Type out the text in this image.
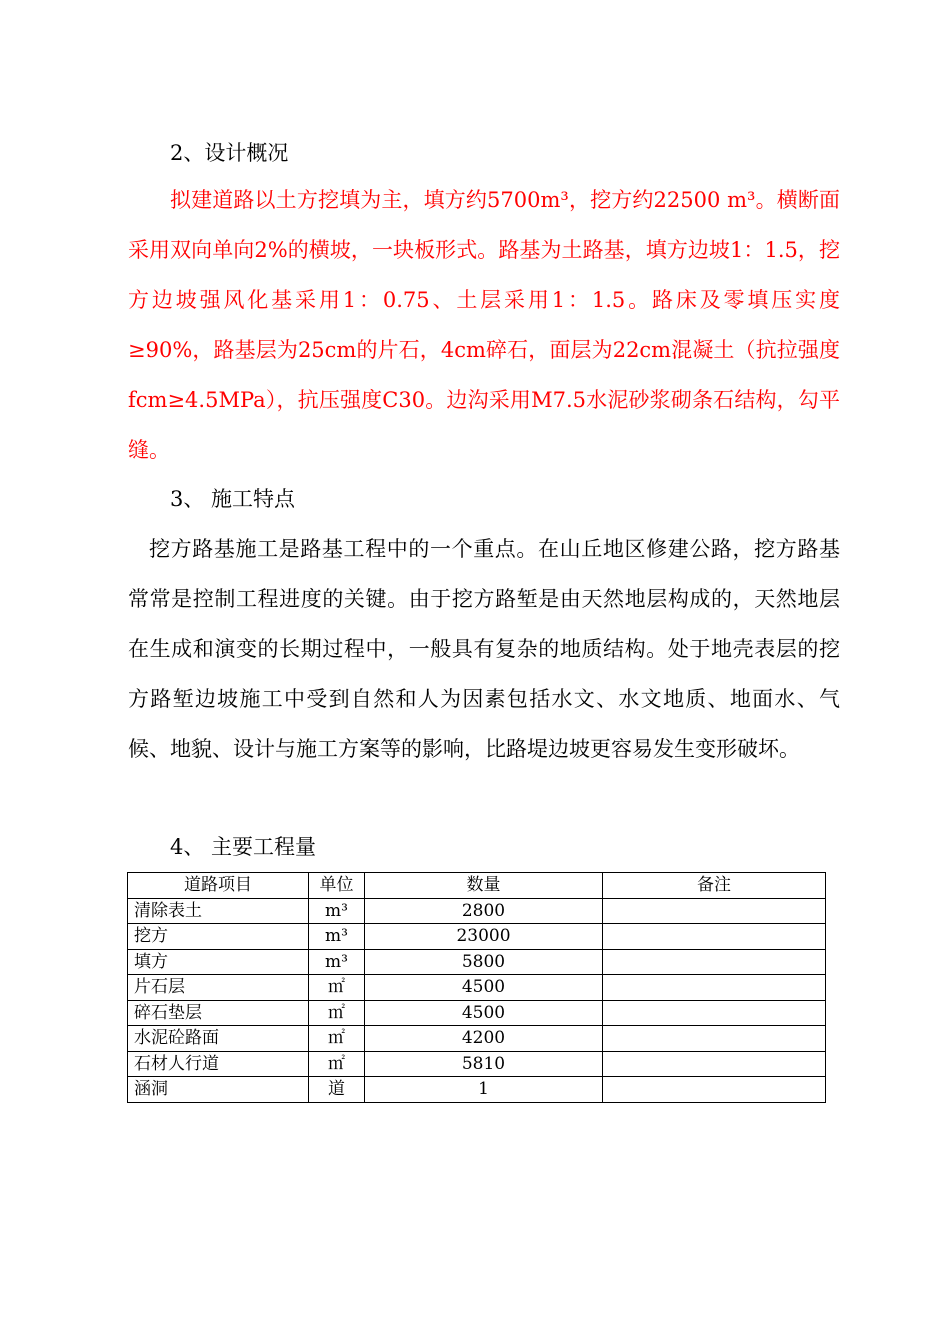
2、设计概况

拟建道路以土方挖填为主，填方约5700m³，挖方约22500 m³。横断面采用双向单向2%的横坡，一块板形式。路基为土路基，填方边坡1：1.5，挖方边坡强风化基采用1：0.75、土层采用1：1.5。路床及零填压实度≥90%，路基层为25cm的片石，4cm碎石，面层为22cm混凝土（抗拉强度fcm≥4.5MPa），抗压强度C30。边沟采用M7.5水泥砂浆砌条石结构，勾平缝。

3、 施工特点

挖方路基施工是路基工程中的一个重点。在山丘地区修建公路，挖方路基常常是控制工程进度的关键。由于挖方路堑是由天然地层构成的，天然地层在生成和演变的长期过程中，一般具有复杂的地质结构。处于地壳表层的挖方路堑边坡施工中受到自然和人为因素包括水文、水文地质、地面水、气候、地貌、设计与施工方案等的影响，比路堤边坡更容易发生变形破坏。

4、 主要工程量
道路项目	单位	数量	备注
清除表土	m³	2800	
挖方	m³	23000	
填方	m³	5800	
片石层	㎡	4500	
碎石垫层	㎡	4500	
水泥砼路面	㎡	4200	
石材人行道	㎡	5810	
涵洞	道	1	
